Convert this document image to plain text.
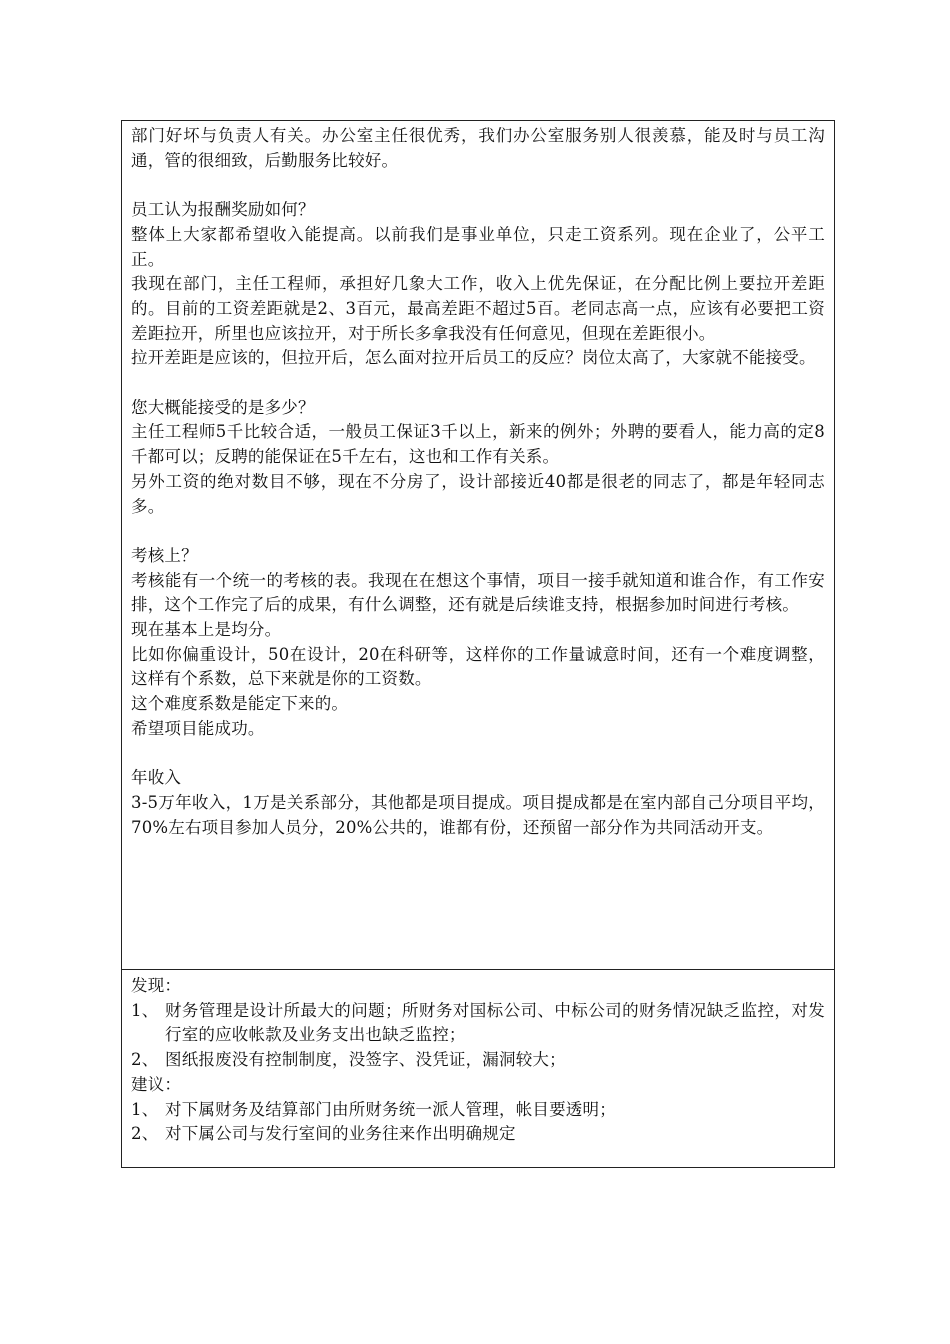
部门好坏与负责人有关。办公室主任很优秀，我们办公室服务别人很羡慕，能及时与员工沟通，管的很细致，后勤服务比较好。

员工认为报酬奖励如何？

整体上大家都希望收入能提高。以前我们是事业单位，只走工资系列。现在企业了，公平工正。

我现在部门，主任工程师，承担好几象大工作，收入上优先保证，在分配比例上要拉开差距的。目前的工资差距就是2、3百元，最高差距不超过5百。老同志高一点，应该有必要把工资差距拉开，所里也应该拉开，对于所长多拿我没有任何意见，但现在差距很小。

拉开差距是应该的，但拉开后，怎么面对拉开后员工的反应？岗位太高了，大家就不能接受。

您大概能接受的是多少？

主任工程师5千比较合适，一般员工保证3千以上，新来的例外；外聘的要看人，能力高的定8千都可以；反聘的能保证在5千左右，这也和工作有关系。

另外工资的绝对数目不够，现在不分房了，设计部接近40都是很老的同志了，都是年轻同志多。

考核上？

考核能有一个统一的考核的表。我现在在想这个事情，项目一接手就知道和谁合作，有工作安排，这个工作完了后的成果，有什么调整，还有就是后续谁支持，根据参加时间进行考核。

现在基本上是均分。

比如你偏重设计，50在设计，20在科研等，这样你的工作量诚意时间，还有一个难度调整，这样有个系数，总下来就是你的工资数。

这个难度系数是能定下来的。

希望项目能成功。

年收入

3-5万年收入，1万是关系部分，其他都是项目提成。项目提成都是在室内部自己分项目平均，70%左右项目参加人员分，20%公共的，谁都有份，还预留一部分作为共同活动开支。

发现：

1、 财务管理是设计所最大的问题；所财务对国标公司、中标公司的财务情况缺乏监控，对发行室的应收帐款及业务支出也缺乏监控；
2、 图纸报废没有控制制度，没签字、没凭证，漏洞较大；

建议：

1、 对下属财务及结算部门由所财务统一派人管理，帐目要透明；
2、 对下属公司与发行室间的业务往来作出明确规定
